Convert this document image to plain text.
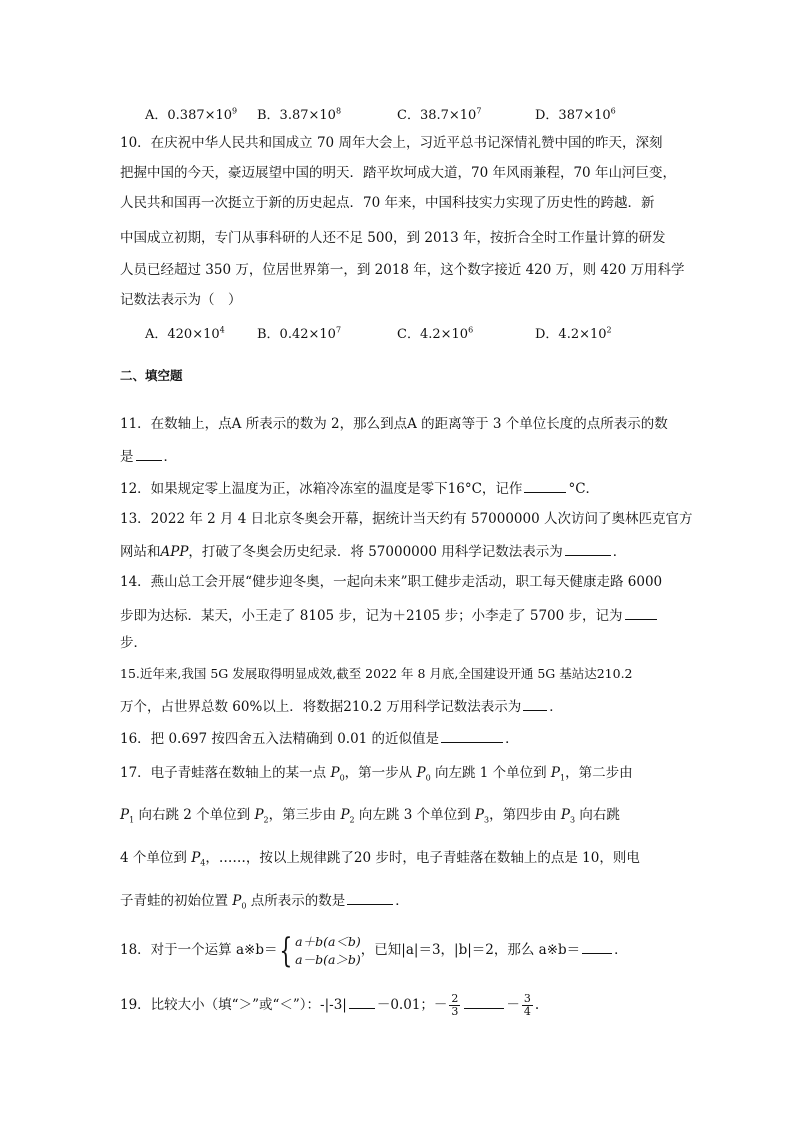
A．$0.387\times 10^9$ B．$3.87\times 10^8$	C．$38.7\times 10^7$	D．$387\times 10^6$
10．在庆祝中华人民共和国成立 70 周年大会上，习近平总书记深情礼赞中国的昨天，深刻
把握中国的今天，豪迈展望中国的明天．踏平坎坷成大道，70 年风雨兼程，70 年山河巨变，
人民共和国再一次挺立于新的历史起点．70 年来，中国科技实力实现了历史性的跨越．新
中国成立初期，专门从事科研的人还不足 500，到 2013 年，按折合全时工作量计算的研发
人员已经超过 350 万，位居世界第一，到 2018 年，这个数字接近 420 万，则 420 万用科学
记数法表示为（　）
A．$420\times 10^4$ B．$0.42\times 10^7$	C．$4.2\times 10^6$	D．$4.2\times 10^2$
二、填空题
11．在数轴上，点A 所表示的数为 2，那么到点A 的距离等于 3 个单位长度的点所表示的数
是 ．
12．如果规定零上温度为正，冰箱冷冻室的温度是零下16°C，记作	°C．
13．2022 年 2 月 4 日北京冬奥会开幕，据统计当天约有 57000000 人次访问了奥林匹克官方
网站和APP，打破了冬奥会历史纪录．将 57000000 用科学记数法表示为	．
14．燕山总工会开展“健步迎冬奥，一起向未来”职工健步走活动，职工每天健康走路 6000
步即为达标．某天，小王走了 8105 步，记为＋2105 步；小李走了 5700 步，记为
步．
15.近年来,我国 5G 发展取得明显成效,截至 2022 年 8 月底,全国建设开通 5G 基站达210.2
万个，占世界总数 60%以上．将数据210.2 万用科学记数法表示为 ．
16．把 0.697 按四舍五入法精确到 0.01 的近似值是	．
17．电子青蛙落在数轴上的某一点 $P_0$，第一步从 $P_0$ 向左跳 1 个单位到 $P_1$，第二步由
$P_1$ 向右跳 2 个单位到 $P_2$，第三步由 $P_2$ 向左跳 3 个单位到 $P_3$，第四步由 $P_3$ 向右跳
4 个单位到 $P_4$，……，按以上规律跳了20 步时，电子青蛙落在数轴上的点是 10，则电
子青蛙的初始位置 $P_0$ 点所表示的数是	．
18．对于一个运算 a※b＝{ a＋b(a＜b)
a－b(a＞b)
，已知|a|＝3，|b|＝2，那么 a※b＝	．
19．比较大小（填“＞”或“＜”）：-|-3| －0.01；－ $\frac{2}{3}$	－ $\frac{3}{4}$ .
